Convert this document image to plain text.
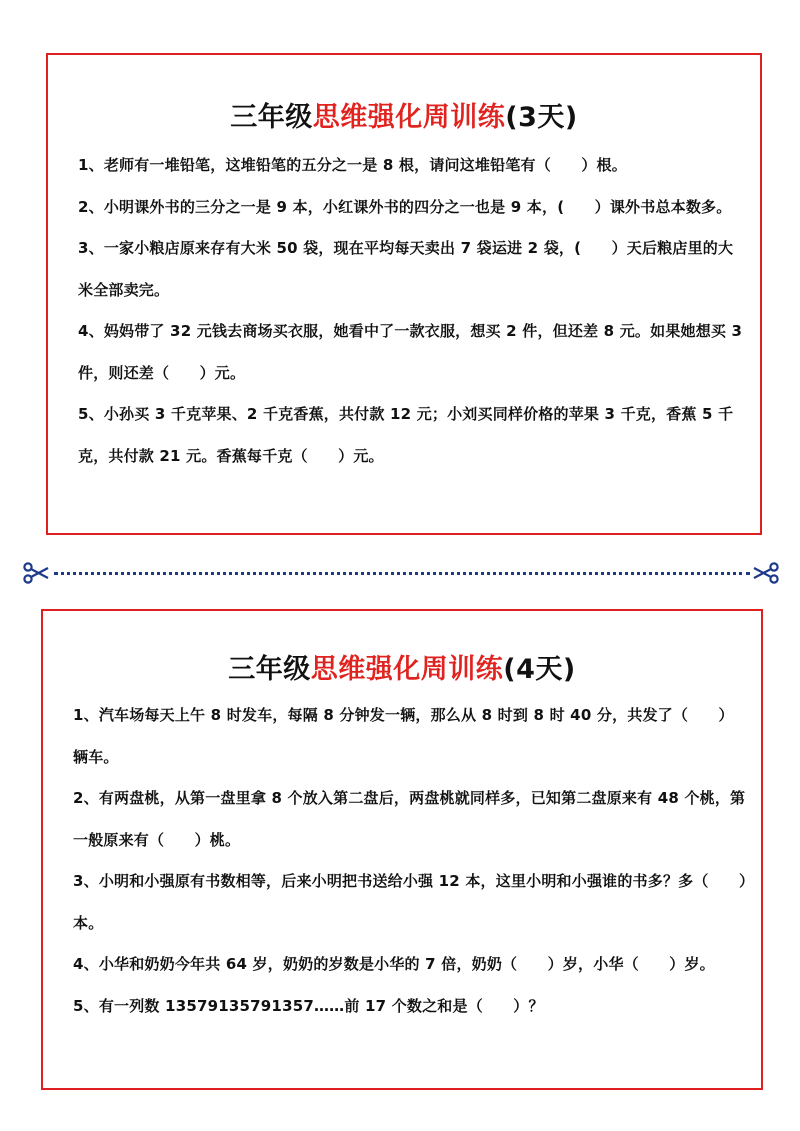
三年级思维强化周训练(3天)

1、老师有一堆铅笔，这堆铅笔的五分之一是 8 根，请问这堆铅笔有（　　）根。

2、小明课外书的三分之一是 9 本，小红课外书的四分之一也是 9 本，(　　）课外书总本数多。

3、一家小粮店原来存有大米 50 袋，现在平均每天卖出 7 袋运进 2 袋，(　　）天后粮店里的大米全部卖完。

4、妈妈带了 32 元钱去商场买衣服，她看中了一款衣服，想买 2 件，但还差 8 元。如果她想买 3 件，则还差（　　）元。

5、小孙买 3 千克苹果、2 千克香蕉，共付款 12 元；小刘买同样价格的苹果 3 千克，香蕉 5 千克，共付款 21 元。香蕉每千克（　　）元。

三年级思维强化周训练(4天)

1、汽车场每天上午 8 时发车，每隔 8 分钟发一辆，那么从 8 时到 8 时 40 分，共发了（　　）辆车。

2、有两盘桃，从第一盘里拿 8 个放入第二盘后，两盘桃就同样多，已知第二盘原来有 48 个桃，第一般原来有（　　）桃。

3、小明和小强原有书数相等，后来小明把书送给小强 12 本，这里小明和小强谁的书多？多（　　）本。

4、小华和奶奶今年共 64 岁，奶奶的岁数是小华的 7 倍，奶奶（　　）岁，小华（　　）岁。

5、有一列数 13579135791357……前 17 个数之和是（　　）？
